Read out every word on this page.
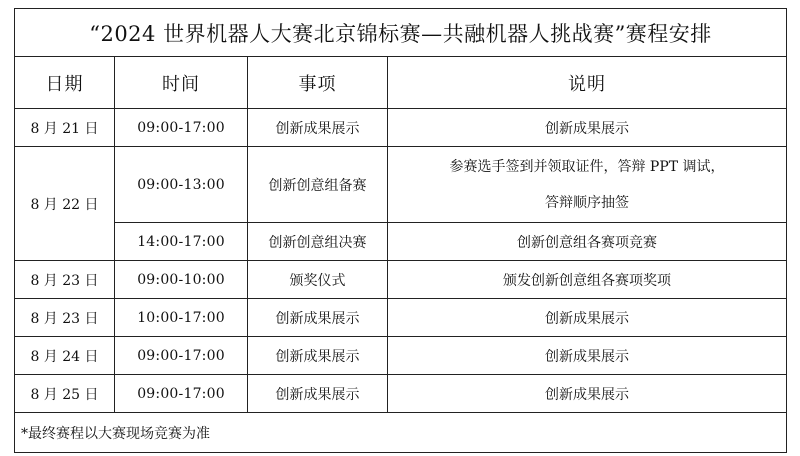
“2024 世界机器人大赛北京锦标赛—共融机器人挑战赛”赛程安排			
日期	时间	事项	说明
8 月 21 日	09:00-17:00	创新成果展示	创新成果展示
8 月 22 日	09:00-13:00	创新创意组备赛	参赛选手签到并领取证件，答辩 PPT 调试，
答辩顺序抽签

	14:00-17:00	创新创意组决赛	创新创意组各赛项竞赛
8 月 23 日	09:00-10:00	颁奖仪式	颁发创新创意组各赛项奖项
8 月 23 日	10:00-17:00	创新成果展示	创新成果展示
8 月 24 日	09:00-17:00	创新成果展示	创新成果展示
8 月 25 日	09:00-17:00	创新成果展示	创新成果展示
*最终赛程以大赛现场竞赛为准			
